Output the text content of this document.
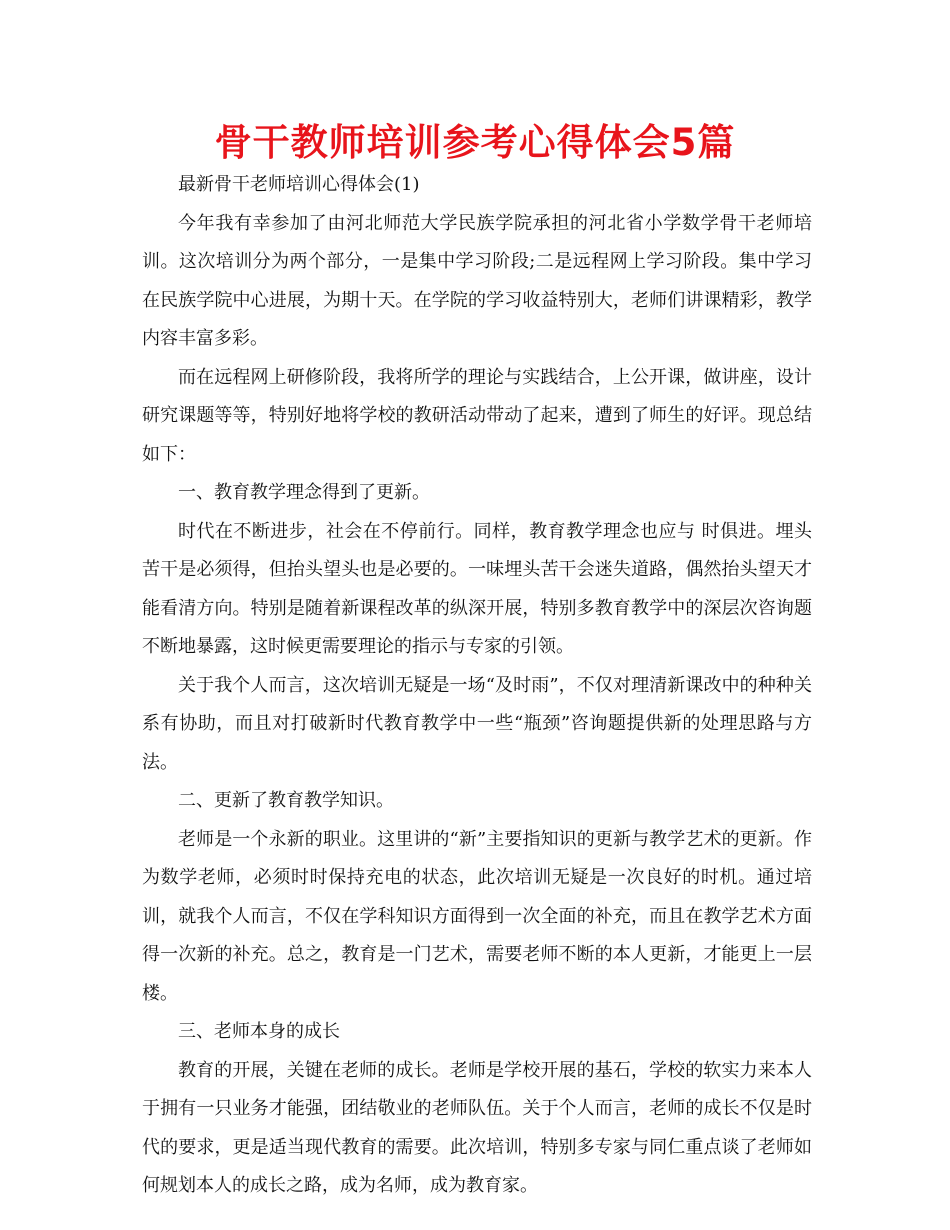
骨干教师培训参考心得体会5篇

最新骨干老师培训心得体会(1)

今年我有幸参加了由河北师范大学民族学院承担的河北省小学数学骨干老师培训。这次培训分为两个部分，一是集中学习阶段;二是远程网上学习阶段。集中学习在民族学院中心进展，为期十天。在学院的学习收益特别大，老师们讲课精彩，教学内容丰富多彩。

而在远程网上研修阶段，我将所学的理论与实践结合，上公开课，做讲座，设计研究课题等等，特别好地将学校的教研活动带动了起来，遭到了师生的好评。现总结如下：

一、教育教学理念得到了更新。

时代在不断进步，社会在不停前行。同样，教育教学理念也应与 时俱进。埋头苦干是必须得，但抬头望头也是必要的。一味埋头苦干会迷失道路，偶然抬头望天才能看清方向。特别是随着新课程改革的纵深开展，特别多教育教学中的深层次咨询题不断地暴露，这时候更需要理论的指示与专家的引领。

关于我个人而言，这次培训无疑是一场“及时雨”，不仅对理清新课改中的种种关系有协助，而且对打破新时代教育教学中一些“瓶颈”咨询题提供新的处理思路与方法。

二、更新了教育教学知识。

老师是一个永新的职业。这里讲的“新”主要指知识的更新与教学艺术的更新。作为数学老师，必须时时保持充电的状态，此次培训无疑是一次良好的时机。通过培训，就我个人而言，不仅在学科知识方面得到一次全面的补充，而且在教学艺术方面得一次新的补充。总之，教育是一门艺术，需要老师不断的本人更新，才能更上一层楼。

三、老师本身的成长

教育的开展，关键在老师的成长。老师是学校开展的基石，学校的软实力来本人于拥有一只业务才能强，团结敬业的老师队伍。关于个人而言，老师的成长不仅是时代的要求，更是适当现代教育的需要。此次培训，特别多专家与同仁重点谈了老师如何规划本人的成长之路，成为名师，成为教育家。
